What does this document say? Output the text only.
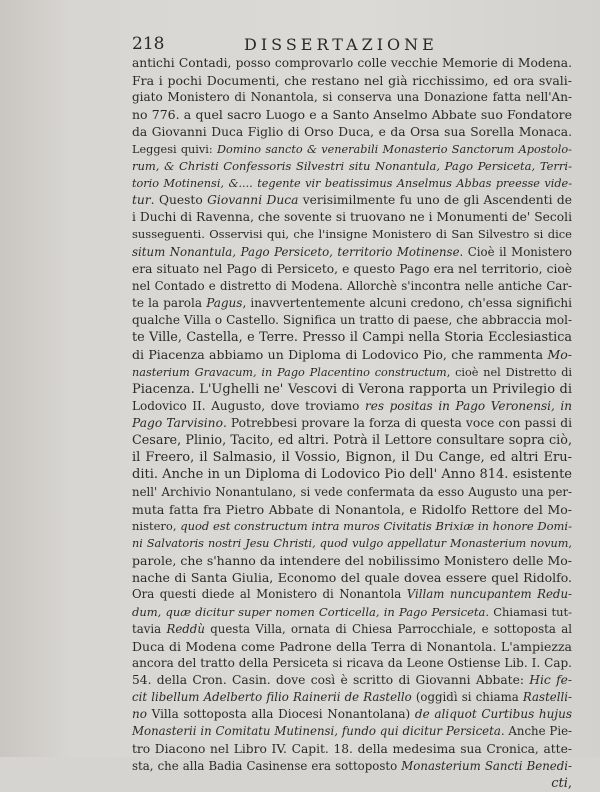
218	DISSERTAZIONE
antichi Contadi, posso comprovarlo colle vecchie Memorie di Modena.
Fra i pochi Documenti, che restano nel già ricchissimo, ed ora svali-
giato Monistero di Nonantola, si conserva una Donazione fatta nell'An-
no 776. a quel sacro Luogo e a Santo Anselmo Abbate suo Fondatore
da Giovanni Duca Figlio di Orso Duca, e da Orsa sua Sorella Monaca.
Leggesi quivi: Domino sancto & venerabili Monasterio Sanctorum Apostolo-
rum, & Christi Confessoris Silvestri situ Nonantula, Pago Persiceta, Terri-
torio Motinensi, &.... tegente vir beatissimus Anselmus Abbas preesse vide-
tur. Questo Giovanni Duca verisimilmente fu uno de gli Ascendenti de
i Duchi di Ravenna, che sovente si truovano ne i Monumenti de' Secoli
susseguenti. Osservisi qui, che l'insigne Monistero di San Silvestro si dice
situm Nonantula, Pago Persiceto, territorio Motinense. Cioè il Monistero
era situato nel Pago di Persiceto, e questo Pago era nel territorio, cioè
nel Contado e distretto di Modena. Allorchè s'incontra nelle antiche Car-
te la parola Pagus, inavvertentemente alcuni credono, ch'essa significhi
qualche Villa o Castello. Significa un tratto di paese, che abbraccia mol-
te Ville, Castella, e Terre. Presso il Campi nella Storia Ecclesiastica
di Piacenza abbiamo un Diploma di Lodovico Pio, che rammenta Mo-
nasterium Gravacum, in Pago Placentino constructum, cioè nel Distretto di
Piacenza. L'Ughelli ne' Vescovi di Verona rapporta un Privilegio di
Lodovico II. Augusto, dove troviamo res positas in Pago Veronensi, in
Pago Tarvisino. Potrebbesi provare la forza di questa voce con passi di
Cesare, Plinio, Tacito, ed altri. Potrà il Lettore consultare sopra ciò,
il Freero, il Salmasio, il Vossio, Bignon, il Du Cange, ed altri Eru-
diti. Anche in un Diploma di Lodovico Pio dell' Anno 814. esistente
nell' Archivio Nonantulano, si vede confermata da esso Augusto una per-
muta fatta fra Pietro Abbate di Nonantola, e Ridolfo Rettore del Mo-
nistero, quod est constructum intra muros Civitatis Brixiæ in honore Domi-
ni Salvatoris nostri Jesu Christi, quod vulgo appellatur Monasterium novum,
parole, che s'hanno da intendere del nobilissimo Monistero delle Mo-
nache di Santa Giulia, Economo del quale dovea essere quel Ridolfo.
Ora questi diede al Monistero di Nonantola Villam nuncupantem Redu-
dum, quæ dicitur super nomen Corticella, in Pago Persiceta. Chiamasi tut-
tavia Reddù questa Villa, ornata di Chiesa Parrocchiale, e sottoposta al
Duca di Modena come Padrone della Terra di Nonantola. L'ampiezza
ancora del tratto della Persiceta si ricava da Leone Ostiense Lib. I. Cap.
54. della Cron. Casin. dove così è scritto di Giovanni Abbate: Hic fe-
cit libellum Adelberto filio Rainerii de Rastello (oggidì si chiama Rastelli-
no Villa sottoposta alla Diocesi Nonantolana) de aliquot Curtibus hujus
Monasterii in Comitatu Mutinensi, fundo qui dicitur Persiceta. Anche Pie-
tro Diacono nel Libro IV. Capit. 18. della medesima sua Cronica, atte-
sta, che alla Badia Casinense era sottoposto Monasterium Sancti Benedi-
cti,
